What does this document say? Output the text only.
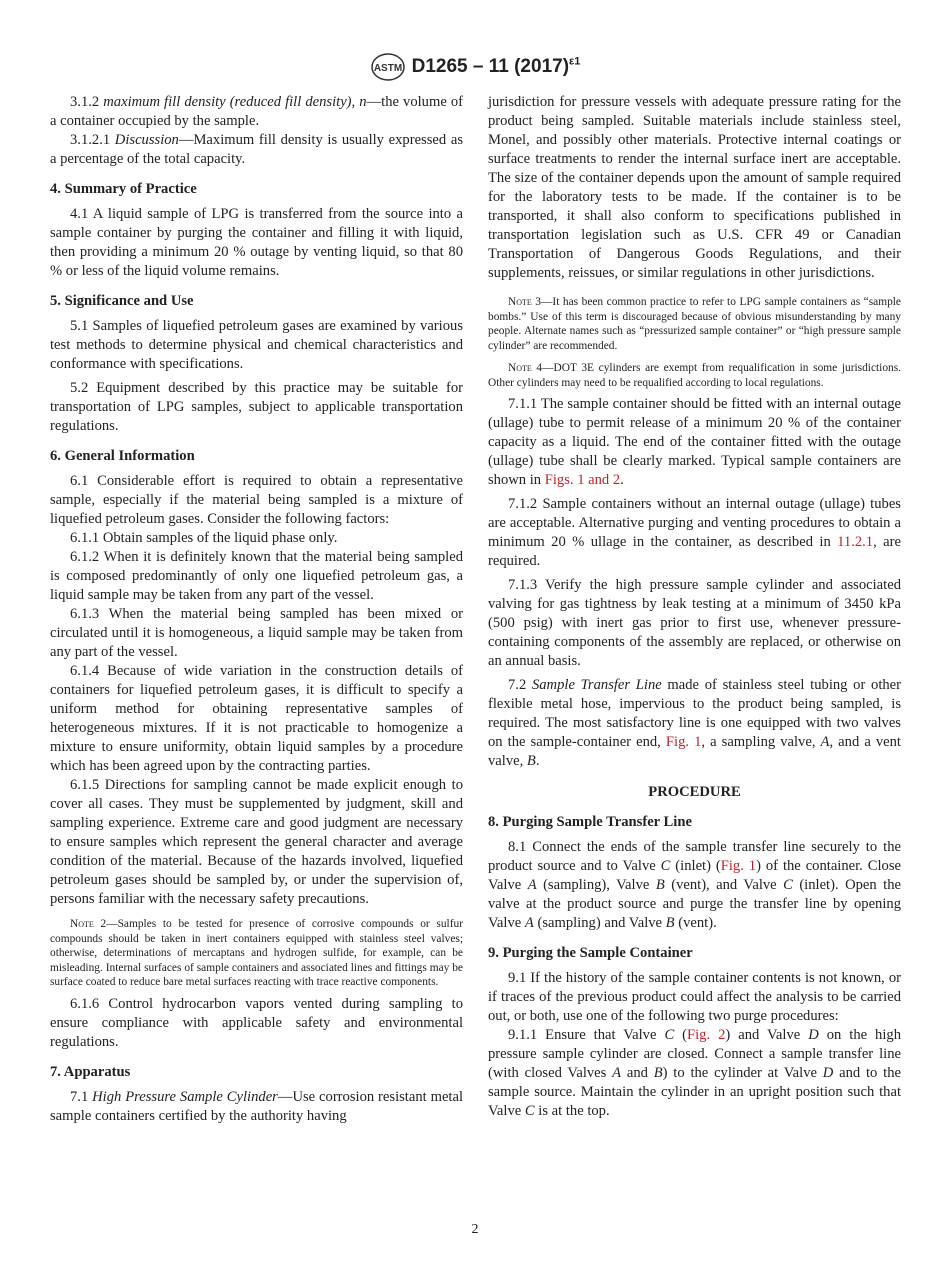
ASTM D1265 – 11 $(2017)^{\varepsilon 1}$

3.1.2 maximum fill density (reduced fill density), n—the volume of a container occupied by the sample.

3.1.2.1 Discussion—Maximum fill density is usually expressed as a percentage of the total capacity.

4. Summary of Practice

4.1 A liquid sample of LPG is transferred from the source into a sample container by purging the container and filling it with liquid, then providing a minimum 20 % outage by venting liquid, so that 80 % or less of the liquid volume remains.

5. Significance and Use

5.1 Samples of liquefied petroleum gases are examined by various test methods to determine physical and chemical characteristics and conformance with specifications.

5.2 Equipment described by this practice may be suitable for transportation of LPG samples, subject to applicable transportation regulations.

6. General Information

6.1 Considerable effort is required to obtain a representative sample, especially if the material being sampled is a mixture of liquefied petroleum gases. Consider the following factors:

6.1.1 Obtain samples of the liquid phase only.

6.1.2 When it is definitely known that the material being sampled is composed predominantly of only one liquefied petroleum gas, a liquid sample may be taken from any part of the vessel.

6.1.3 When the material being sampled has been mixed or circulated until it is homogeneous, a liquid sample may be taken from any part of the vessel.

6.1.4 Because of wide variation in the construction details of containers for liquefied petroleum gases, it is difficult to specify a uniform method for obtaining representative samples of heterogeneous mixtures. If it is not practicable to homogenize a mixture to ensure uniformity, obtain liquid samples by a procedure which has been agreed upon by the contracting parties.

6.1.5 Directions for sampling cannot be made explicit enough to cover all cases. They must be supplemented by judgment, skill and sampling experience. Extreme care and good judgment are necessary to ensure samples which represent the general character and average condition of the material. Because of the hazards involved, liquefied petroleum gases should be sampled by, or under the supervision of, persons familiar with the necessary safety precautions.

Note 2—Samples to be tested for presence of corrosive compounds or sulfur compounds should be taken in inert containers equipped with stainless steel valves; otherwise, determinations of mercaptans and hydrogen sulfide, for example, can be misleading. Internal surfaces of sample containers and associated lines and fittings may be surface coated to reduce bare metal surfaces reacting with trace reactive components.

6.1.6 Control hydrocarbon vapors vented during sampling to ensure compliance with applicable safety and environmental regulations.

7. Apparatus

7.1 High Pressure Sample Cylinder—Use corrosion resistant metal sample containers certified by the authority having

jurisdiction for pressure vessels with adequate pressure rating for the product being sampled. Suitable materials include stainless steel, Monel, and possibly other materials. Protective internal coatings or surface treatments to render the internal surface inert are acceptable. The size of the container depends upon the amount of sample required for the laboratory tests to be made. If the container is to be transported, it shall also conform to specifications published in transportation legislation such as U.S. CFR 49 or Canadian Transportation of Dangerous Goods Regulations, and their supplements, reissues, or similar regulations in other jurisdictions.

Note 3—It has been common practice to refer to LPG sample containers as “sample bombs.” Use of this term is discouraged because of obvious misunderstanding by many people. Alternate names such as “pressurized sample container” or “high pressure sample cylinder” are recommended.

Note 4—DOT 3E cylinders are exempt from requalification in some jurisdictions. Other cylinders may need to be requalified according to local regulations.

7.1.1 The sample container should be fitted with an internal outage (ullage) tube to permit release of a minimum 20 % of the container capacity as a liquid. The end of the container fitted with the outage (ullage) tube shall be clearly marked. Typical sample containers are shown in Figs. 1 and 2.

7.1.2 Sample containers without an internal outage (ullage) tubes are acceptable. Alternative purging and venting procedures to obtain a minimum 20 % ullage in the container, as described in 11.2.1, are required.

7.1.3 Verify the high pressure sample cylinder and associated valving for gas tightness by leak testing at a minimum of 3450 kPa (500 psig) with inert gas prior to first use, whenever pressure-containing components of the assembly are replaced, or otherwise on an annual basis.

7.2 Sample Transfer Line made of stainless steel tubing or other flexible metal hose, impervious to the product being sampled, is required. The most satisfactory line is one equipped with two valves on the sample-container end, Fig. 1, a sampling valve, A, and a vent valve, B.

PROCEDURE

8. Purging Sample Transfer Line

8.1 Connect the ends of the sample transfer line securely to the product source and to Valve C (inlet) (Fig. 1) of the container. Close Valve A (sampling), Valve B (vent), and Valve C (inlet). Open the valve at the product source and purge the transfer line by opening Valve A (sampling) and Valve B (vent).

9. Purging the Sample Container

9.1 If the history of the sample container contents is not known, or if traces of the previous product could affect the analysis to be carried out, or both, use one of the following two purge procedures:

9.1.1 Ensure that Valve C (Fig. 2) and Valve D on the high pressure sample cylinder are closed. Connect a sample transfer line (with closed Valves A and B) to the cylinder at Valve D and to the sample source. Maintain the cylinder in an upright position such that Valve C is at the top.

2
